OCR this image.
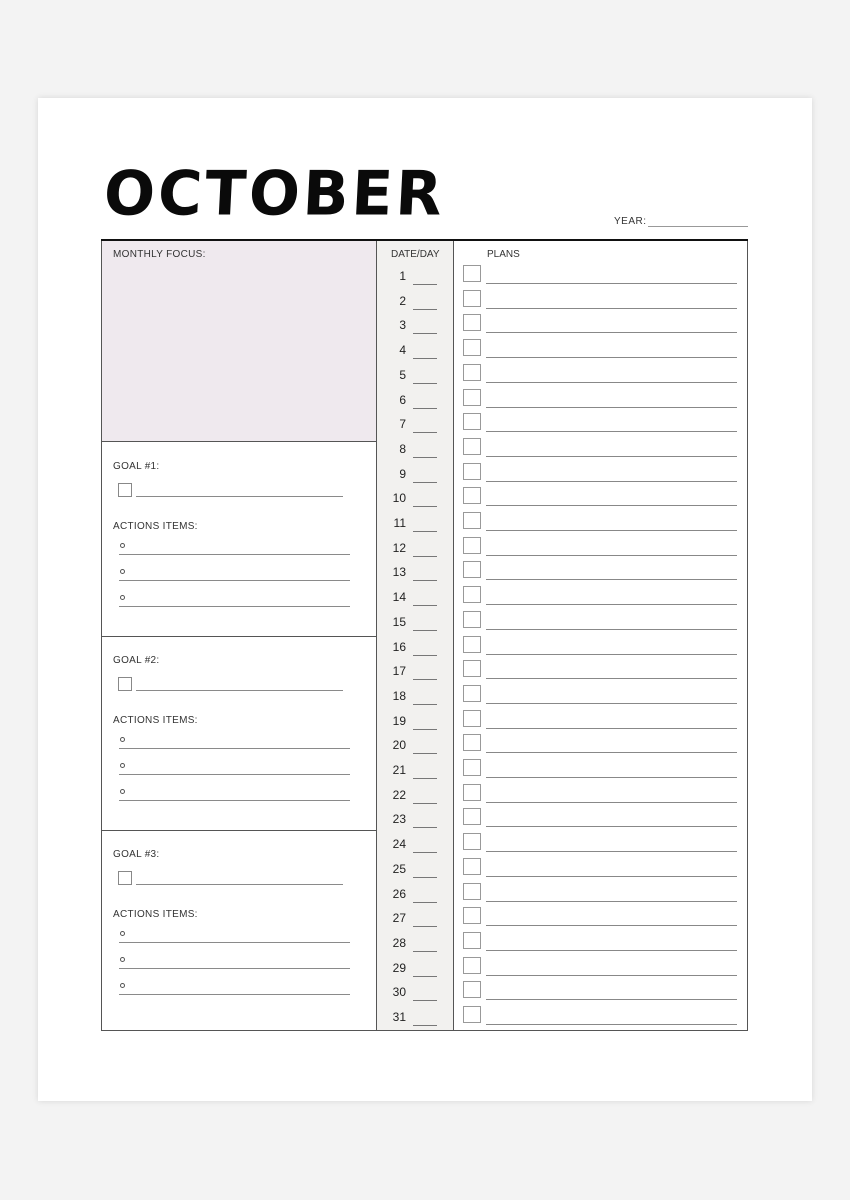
OCTOBER	YEAR:
MONTHLY FOCUS:
GOAL #1:
ACTIONS ITEMS:
GOAL #2:
ACTIONS ITEMS:
GOAL #3:
ACTIONS ITEMS:
DATE/DAY
1
2
3
4
5
6
7
8
9
10
11
12
13
14
15
16
17
18
19
20
21
22
23
24
25
26
27
28
29
30
31
PLANS
